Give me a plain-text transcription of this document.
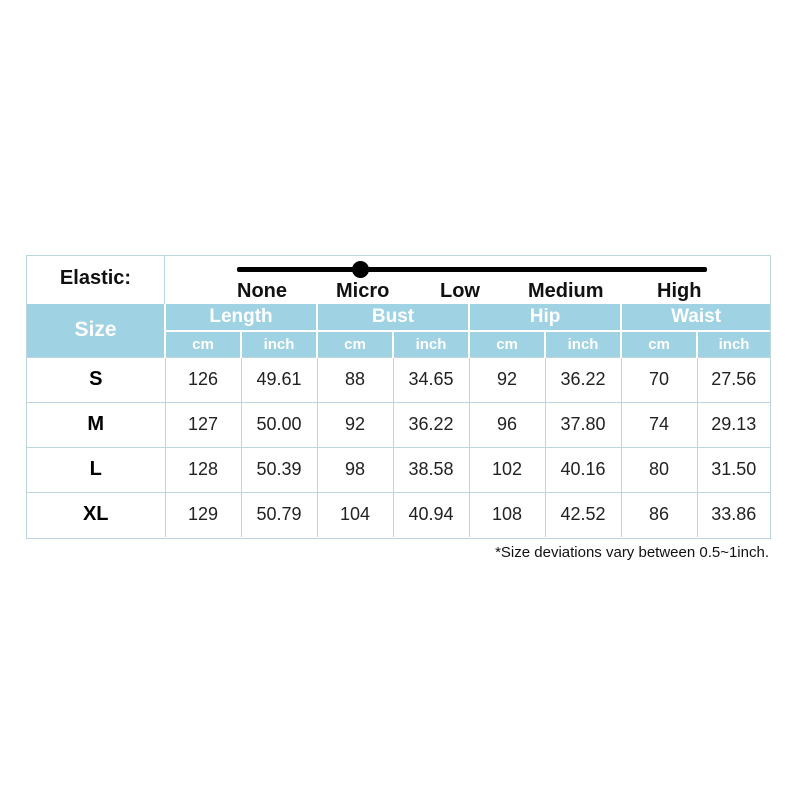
Elastic:
None Micro	Low Medium	High
Size	Length		Bust		Hip		Waist	
	cm	inch	cm	inch	cm	inch	cm	inch
S	126	49.61	88	34.65	92	36.22	70	27.56
M	127	50.00	92	36.22	96	37.80	74	29.13
L	128	50.39	98	38.58	102	40.16	80	31.50
XL	129	50.79	104	40.94	108	42.52	86	33.86
*Size deviations vary between 0.5~1inch.
